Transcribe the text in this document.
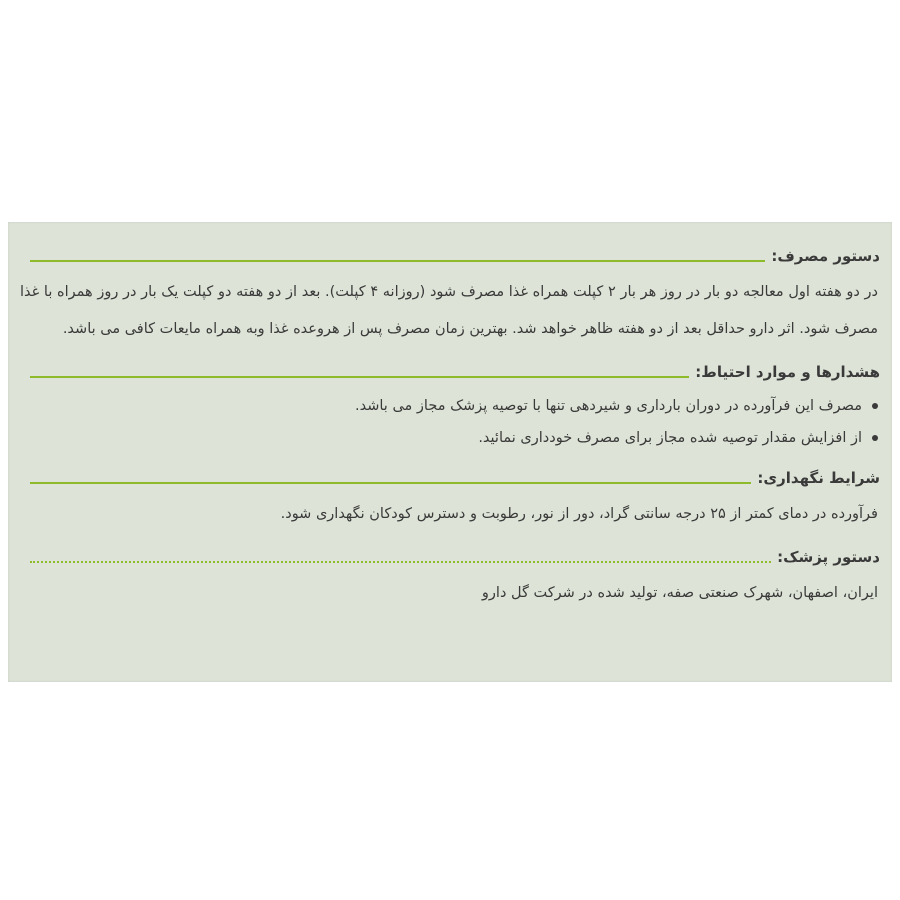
دستور مصرف:

در دو هفته اول معالجه دو بار در روز هر بار ۲ کپلت همراه غذا مصرف شود (روزانه ۴ کپلت). بعد از دو هفته دو کپلت یک بار در روز همراه با غذا مصرف شود. اثر دارو حداقل بعد از دو هفته ظاهر خواهد شد. بهترین زمان مصرف پس از هروعده غذا وبه همراه مایعات کافی می باشد.

هشدارها و موارد احتیاط:
مصرف این فرآورده در دوران بارداری و شیردهی تنها با توصیه پزشک مجاز می باشد.
از افزایش مقدار توصیه شده مجاز برای مصرف خودداری نمائید.
شرایط نگهداری:

فرآورده در دمای کمتر از ۲۵ درجه سانتی گراد، دور از نور، رطوبت و دسترس کودکان نگهداری شود.

دستور پزشک:

ایران، اصفهان، شهرک صنعتی صفه، تولید شده در شرکت گل دارو
